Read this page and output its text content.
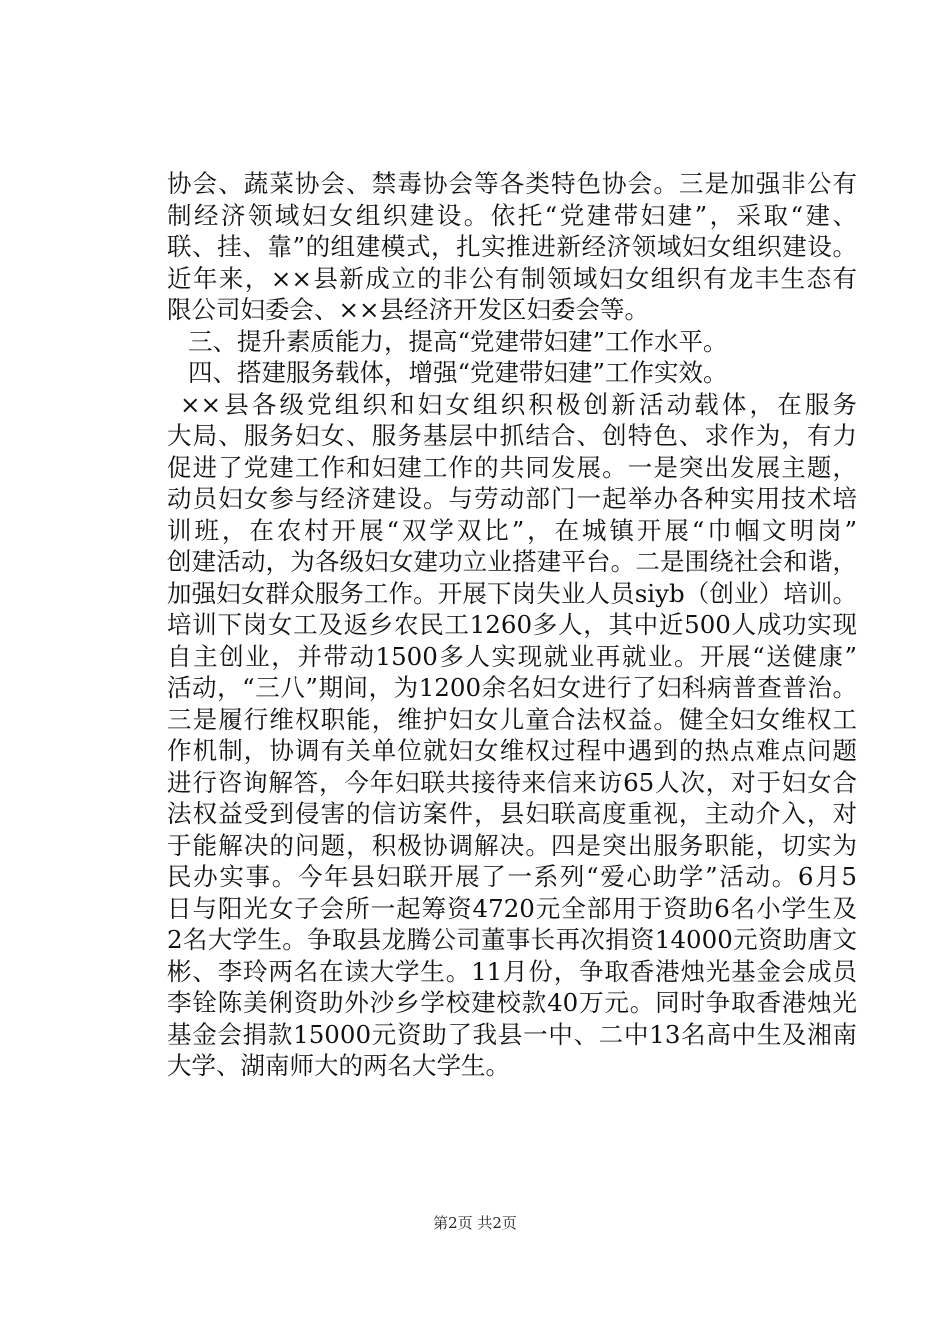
协会、蔬菜协会、禁毒协会等各类特色协会。三是加强非公有
制经济领域妇女组织建设。依托“党建带妇建”，采取“建、
联、挂、靠”的组建模式，扎实推进新经济领域妇女组织建设。
近年来，××县新成立的非公有制领域妇女组织有龙丰生态有
限公司妇委会、××县经济开发区妇委会等。
三、提升素质能力，提高“党建带妇建”工作水平。
四、搭建服务载体，增强“党建带妇建”工作实效。
××县各级党组织和妇女组织积极创新活动载体，在服务
大局、服务妇女、服务基层中抓结合、创特色、求作为，有力
促进了党建工作和妇建工作的共同发展。一是突出发展主题，
动员妇女参与经济建设。与劳动部门一起举办各种实用技术培
训班，在农村开展“双学双比”，在城镇开展“巾帼文明岗”
创建活动，为各级妇女建功立业搭建平台。二是围绕社会和谐，
加强妇女群众服务工作。开展下岗失业人员siyb（创业）培训。
培训下岗女工及返乡农民工1260多人，其中近500人成功实现
自主创业，并带动1500多人实现就业再就业。开展“送健康”
活动，“三八”期间，为1200余名妇女进行了妇科病普查普治。
三是履行维权职能，维护妇女儿童合法权益。健全妇女维权工
作机制，协调有关单位就妇女维权过程中遇到的热点难点问题
进行咨询解答，今年妇联共接待来信来访65人次，对于妇女合
法权益受到侵害的信访案件，县妇联高度重视，主动介入，对
于能解决的问题，积极协调解决。四是突出服务职能，切实为
民办实事。今年县妇联开展了一系列“爱心助学”活动。6月5
日与阳光女子会所一起筹资4720元全部用于资助6名小学生及
2名大学生。争取县龙腾公司董事长再次捐资14000元资助唐文
彬、李玲两名在读大学生。11月份，争取香港烛光基金会成员
李铨陈美俐资助外沙乡学校建校款40万元。同时争取香港烛光
基金会捐款15000元资助了我县一中、二中13名高中生及湘南
大学、湖南师大的两名大学生。
第2页 共2页
